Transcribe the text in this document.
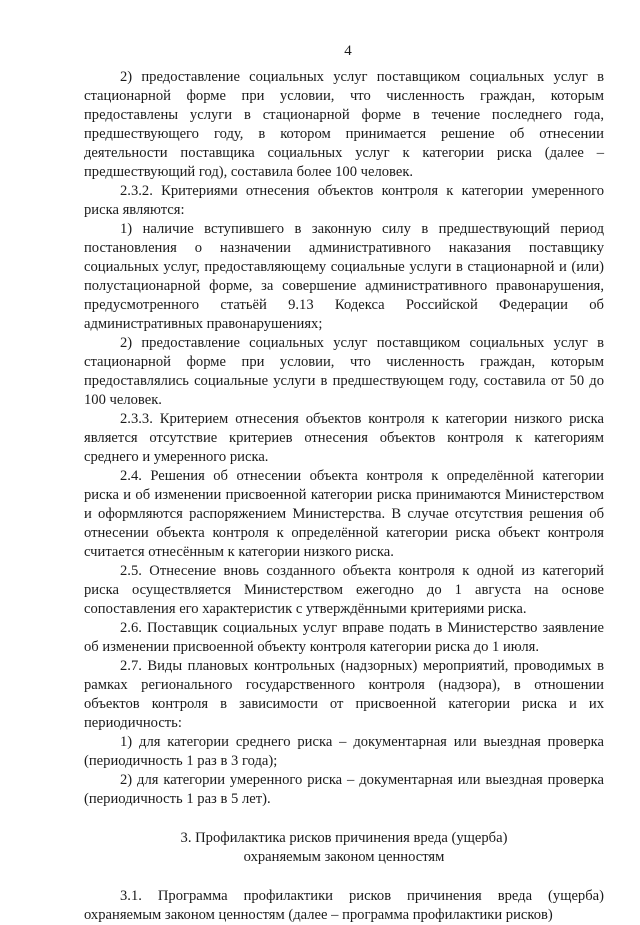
4

2) предоставление социальных услуг поставщиком социальных услуг в стационарной форме при условии, что численность граждан, которым предоставлены услуги в стационарной форме в течение последнего года, предшествующего году, в котором принимается решение об отнесении деятельности поставщика социальных услуг к категории риска (далее – предшествующий год), составила более 100 человек.

2.3.2. Критериями отнесения объектов контроля к категории умеренного риска являются:

1) наличие вступившего в законную силу в предшествующий период постановления о назначении административного наказания поставщику социальных услуг, предоставляющему социальные услуги в стационарной и (или) полустационарной форме, за совершение административного правонарушения, предусмотренного статьёй 9.13 Кодекса Российской Федерации об административных правонарушениях;

2) предоставление социальных услуг поставщиком социальных услуг в стационарной форме при условии, что численность граждан, которым предоставлялись социальные услуги в предшествующем году, составила от 50 до 100 человек.

2.3.3. Критерием отнесения объектов контроля к категории низкого риска является отсутствие критериев отнесения объектов контроля к категориям среднего и умеренного риска.

2.4. Решения об отнесении объекта контроля к определённой категории риска и об изменении присвоенной категории риска принимаются Министерством и оформляются распоряжением Министерства. В случае отсутствия решения об отнесении объекта контроля к определённой категории риска объект контроля считается отнесённым к категории низкого риска.

2.5. Отнесение вновь созданного объекта контроля к одной из категорий риска осуществляется Министерством ежегодно до 1 августа на основе сопоставления его характеристик с утверждёнными критериями риска.

2.6. Поставщик социальных услуг вправе подать в Министерство заявление об изменении присвоенной объекту контроля категории риска до 1 июля.

2.7. Виды плановых контрольных (надзорных) мероприятий, проводимых в рамках регионального государственного контроля (надзора), в отношении объектов контроля в зависимости от присвоенной категории риска и их периодичность:

1) для категории среднего риска – документарная или выездная проверка (периодичность 1 раз в 3 года);

2) для категории умеренного риска – документарная или выездная проверка (периодичность 1 раз в 5 лет).

3. Профилактика рисков причинения вреда (ущерба)
охраняемым законом ценностям

3.1. Программа профилактики рисков причинения вреда (ущерба) охраняемым законом ценностям (далее – программа профилактики рисков)
